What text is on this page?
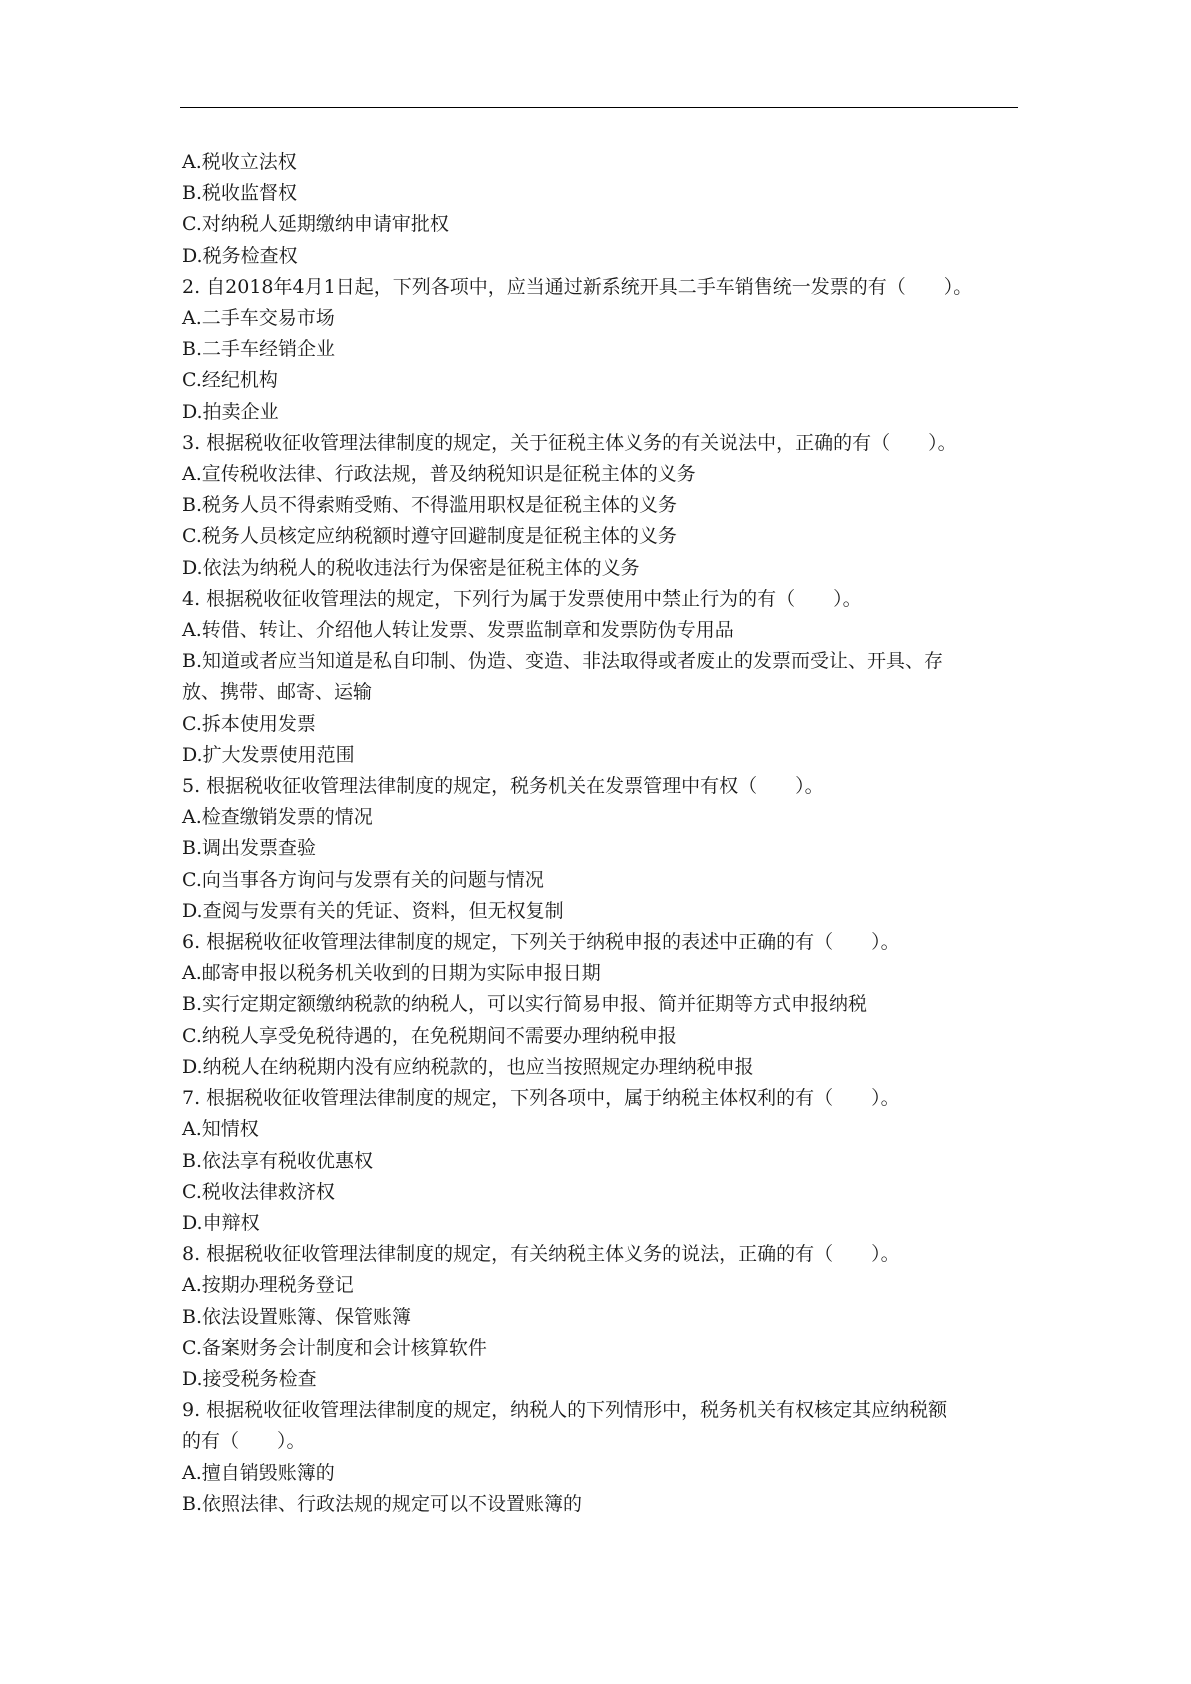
A.税收立法权
B.税收监督权
C.对纳税人延期缴纳申请审批权
D.税务检查权
2. 自2018年4月1日起，下列各项中，应当通过新系统开具二手车销售统一发票的有（　　）。
A.二手车交易市场
B.二手车经销企业
C.经纪机构
D.拍卖企业
3. 根据税收征收管理法律制度的规定，关于征税主体义务的有关说法中，正确的有（　　）。
A.宣传税收法律、行政法规，普及纳税知识是征税主体的义务
B.税务人员不得索贿受贿、不得滥用职权是征税主体的义务
C.税务人员核定应纳税额时遵守回避制度是征税主体的义务
D.依法为纳税人的税收违法行为保密是征税主体的义务
4. 根据税收征收管理法的规定，下列行为属于发票使用中禁止行为的有（　　）。
A.转借、转让、介绍他人转让发票、发票监制章和发票防伪专用品
B.知道或者应当知道是私自印制、伪造、变造、非法取得或者废止的发票而受让、开具、存
放、携带、邮寄、运输
C.拆本使用发票
D.扩大发票使用范围
5. 根据税收征收管理法律制度的规定，税务机关在发票管理中有权（　　）。
A.检查缴销发票的情况
B.调出发票查验
C.向当事各方询问与发票有关的问题与情况
D.查阅与发票有关的凭证、资料，但无权复制
6. 根据税收征收管理法律制度的规定，下列关于纳税申报的表述中正确的有（　　）。
A.邮寄申报以税务机关收到的日期为实际申报日期
B.实行定期定额缴纳税款的纳税人，可以实行简易申报、简并征期等方式申报纳税
C.纳税人享受免税待遇的，在免税期间不需要办理纳税申报
D.纳税人在纳税期内没有应纳税款的，也应当按照规定办理纳税申报
7. 根据税收征收管理法律制度的规定，下列各项中，属于纳税主体权利的有（　　）。
A.知情权
B.依法享有税收优惠权
C.税收法律救济权
D.申辩权
8. 根据税收征收管理法律制度的规定，有关纳税主体义务的说法，正确的有（　　）。
A.按期办理税务登记
B.依法设置账簿、保管账簿
C.备案财务会计制度和会计核算软件
D.接受税务检查
9. 根据税收征收管理法律制度的规定，纳税人的下列情形中，税务机关有权核定其应纳税额
的有（　　）。
A.擅自销毁账簿的
B.依照法律、行政法规的规定可以不设置账簿的
